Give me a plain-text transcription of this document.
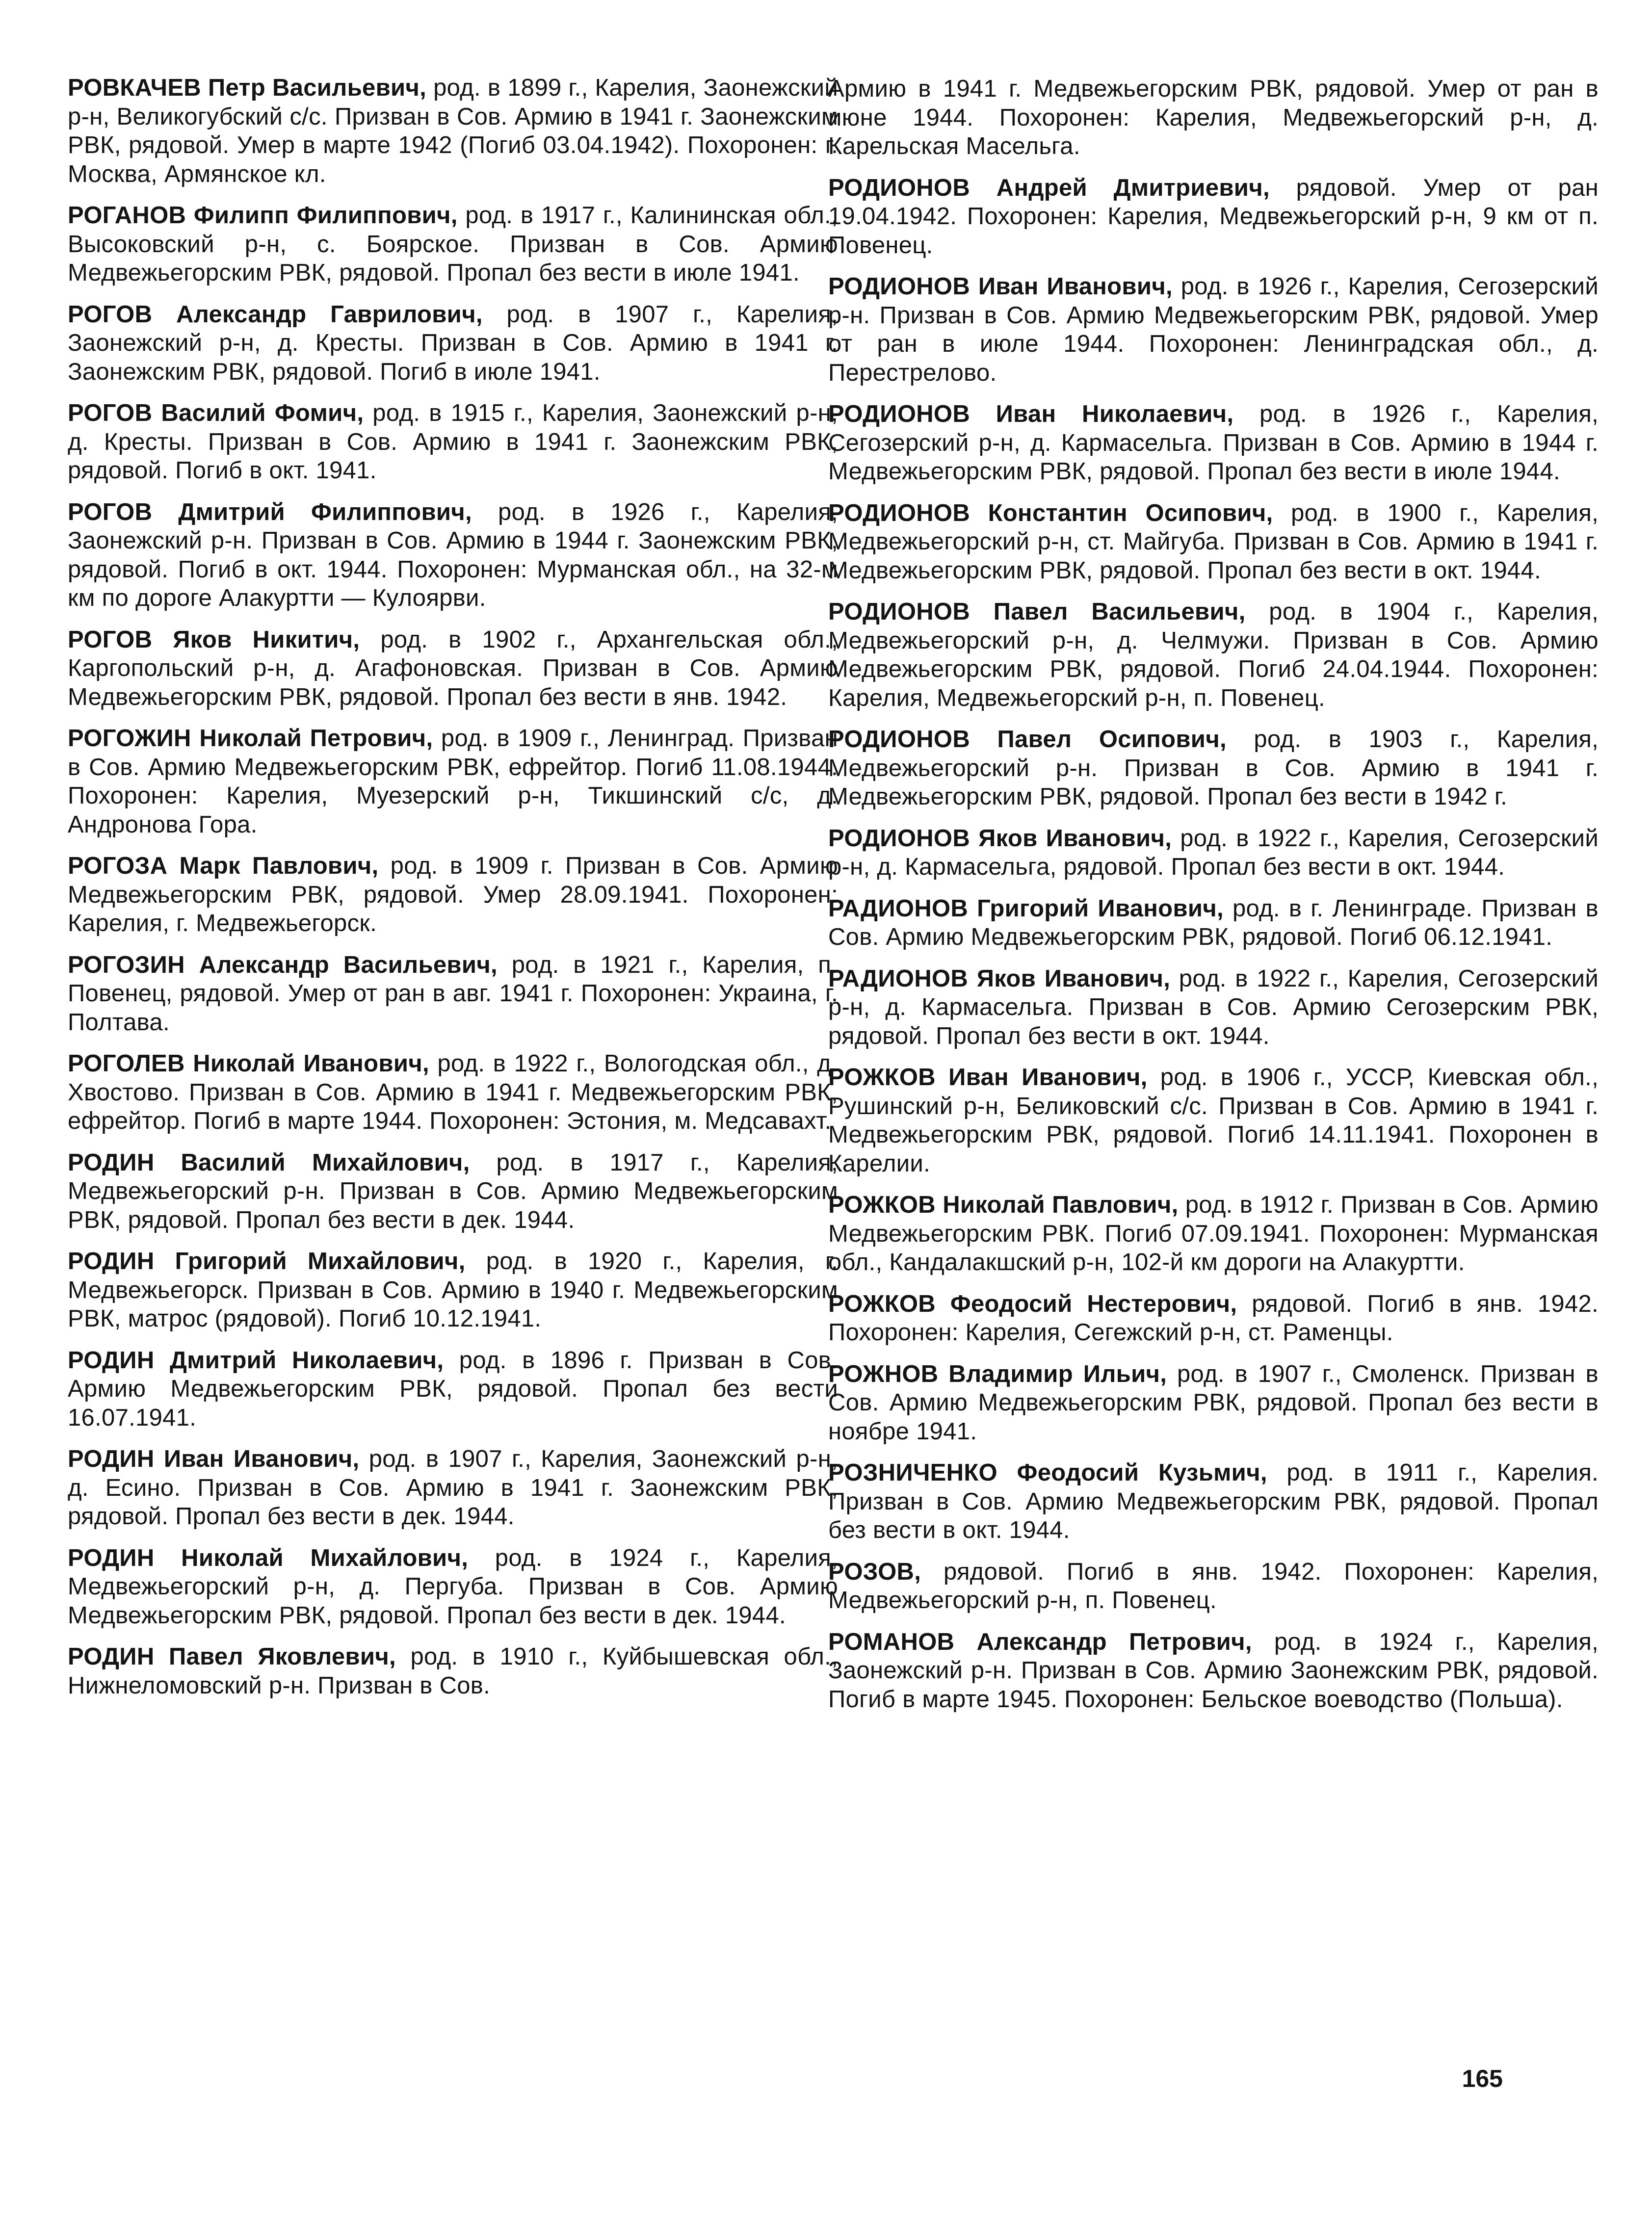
РОВКАЧЕВ Петр Васильевич, род. в 1899 г., Карелия, Заонежский р-н, Великогубский с/с. Призван в Сов. Армию в 1941 г. Заонежским РВК, рядовой. Умер в марте 1942 (Погиб 03.04.1942). Похоронен: г. Москва, Армянское кл.

РОГАНОВ Филипп Филиппович, род. в 1917 г., Калининская обл., Высоковский р-н, с. Боярское. Призван в Сов. Армию Медвежьегорским РВК, рядовой. Пропал без вести в июле 1941.

РОГОВ Александр Гаврилович, род. в 1907 г., Карелия, Заонежский р-н, д. Кресты. Призван в Сов. Армию в 1941 г. Заонежским РВК, рядовой. Погиб в июле 1941.

РОГОВ Василий Фомич, род. в 1915 г., Карелия, Заонежский р-н, д. Кресты. Призван в Сов. Армию в 1941 г. Заонежским РВК, рядовой. Погиб в окт. 1941.

РОГОВ Дмитрий Филиппович, род. в 1926 г., Карелия, Заонежский р-н. Призван в Сов. Армию в 1944 г. Заонежским РВК, рядовой. Погиб в окт. 1944. Похоронен: Мурманская обл., на 32-м км по дороге Алакуртти — Кулоярви.

РОГОВ Яков Никитич, род. в 1902 г., Архангельская обл., Каргопольский р-н, д. Агафоновская. Призван в Сов. Армию Медвежьегорским РВК, рядовой. Пропал без вести в янв. 1942.

РОГОЖИН Николай Петрович, род. в 1909 г., Ленинград. Призван в Сов. Армию Медвежьегорским РВК, ефрейтор. Погиб 11.08.1944. Похоронен: Карелия, Муезерский р-н, Тикшинский с/с, д. Андронова Гора.

РОГОЗА Марк Павлович, род. в 1909 г. Призван в Сов. Армию Медвежьегорским РВК, рядовой. Умер 28.09.1941. Похоронен: Карелия, г. Медвежьегорск.

РОГОЗИН Александр Васильевич, род. в 1921 г., Карелия, п. Повенец, рядовой. Умер от ран в авг. 1941 г. Похоронен: Украина, г. Полтава.

РОГОЛЕВ Николай Иванович, род. в 1922 г., Вологодская обл., д. Хвостово. Призван в Сов. Армию в 1941 г. Медвежьегорским РВК, ефрейтор. Погиб в марте 1944. Похоронен: Эстония, м. Медсавахт.

РОДИН Василий Михайлович, род. в 1917 г., Карелия, Медвежьегорский р-н. Призван в Сов. Армию Медвежьегорским РВК, рядовой. Пропал без вести в дек. 1944.

РОДИН Григорий Михайлович, род. в 1920 г., Карелия, г. Медвежьегорск. Призван в Сов. Армию в 1940 г. Медвежьегорским РВК, матрос (рядовой). Погиб 10.12.1941.

РОДИН Дмитрий Николаевич, род. в 1896 г. Призван в Сов. Армию Медвежьегорским РВК, рядовой. Пропал без вести 16.07.1941.

РОДИН Иван Иванович, род. в 1907 г., Карелия, Заонежский р-н, д. Есино. Призван в Сов. Армию в 1941 г. Заонежским РВК, рядовой. Пропал без вести в дек. 1944.

РОДИН Николай Михайлович, род. в 1924 г., Карелия, Медвежьегорский р-н, д. Пергуба. Призван в Сов. Армию Медвежьегорским РВК, рядовой. Пропал без вести в дек. 1944.

РОДИН Павел Яковлевич, род. в 1910 г., Куйбышевская обл., Нижнеломовский р-н. Призван в Сов.

Армию в 1941 г. Медвежьегорским РВК, рядовой. Умер от ран в июне 1944. Похоронен: Карелия, Медвежьегорский р-н, д. Карельская Масельга.

РОДИОНОВ Андрей Дмитриевич, рядовой. Умер от ран 19.04.1942. Похоронен: Карелия, Медвежьегорский р-н, 9 км от п. Повенец.

РОДИОНОВ Иван Иванович, род. в 1926 г., Карелия, Сегозерский р-н. Призван в Сов. Армию Медвежьегорским РВК, рядовой. Умер от ран в июле 1944. Похоронен: Ленинградская обл., д. Перестрелово.

РОДИОНОВ Иван Николаевич, род. в 1926 г., Карелия, Сегозерский р-н, д. Кармасельга. Призван в Сов. Армию в 1944 г. Медвежьегорским РВК, рядовой. Пропал без вести в июле 1944.

РОДИОНОВ Константин Осипович, род. в 1900 г., Карелия, Медвежьегорский р-н, ст. Майгуба. Призван в Сов. Армию в 1941 г. Медвежьегорским РВК, рядовой. Пропал без вести в окт. 1944.

РОДИОНОВ Павел Васильевич, род. в 1904 г., Карелия, Медвежьегорский р-н, д. Челмужи. Призван в Сов. Армию Медвежьегорским РВК, рядовой. Погиб 24.04.1944. Похоронен: Карелия, Медвежьегорский р-н, п. Повенец.

РОДИОНОВ Павел Осипович, род. в 1903 г., Карелия, Медвежьегорский р-н. Призван в Сов. Армию в 1941 г. Медвежьегорским РВК, рядовой. Пропал без вести в 1942 г.

РОДИОНОВ Яков Иванович, род. в 1922 г., Карелия, Сегозерский р-н, д. Кармасельга, рядовой. Пропал без вести в окт. 1944.

РАДИОНОВ Григорий Иванович, род. в г. Ленинграде. Призван в Сов. Армию Медвежьегорским РВК, рядовой. Погиб 06.12.1941.

РАДИОНОВ Яков Иванович, род. в 1922 г., Карелия, Сегозерский р-н, д. Кармасельга. Призван в Сов. Армию Сегозерским РВК, рядовой. Пропал без вести в окт. 1944.

РОЖКОВ Иван Иванович, род. в 1906 г., УССР, Киевская обл., Рушинский р-н, Беликовский с/с. Призван в Сов. Армию в 1941 г. Медвежьегорским РВК, рядовой. Погиб 14.11.1941. Похоронен в Карелии.

РОЖКОВ Николай Павлович, род. в 1912 г. Призван в Сов. Армию Медвежьегорским РВК. Погиб 07.09.1941. Похоронен: Мурманская обл., Кандалакшский р-н, 102-й км дороги на Алакуртти.

РОЖКОВ Феодосий Нестерович, рядовой. Погиб в янв. 1942. Похоронен: Карелия, Сегежский р-н, ст. Раменцы.

РОЖНОВ Владимир Ильич, род. в 1907 г., Смоленск. Призван в Сов. Армию Медвежьегорским РВК, рядовой. Пропал без вести в ноябре 1941.

РОЗНИЧЕНКО Феодосий Кузьмич, род. в 1911 г., Карелия. Призван в Сов. Армию Медвежьегорским РВК, рядовой. Пропал без вести в окт. 1944.

РОЗОВ, рядовой. Погиб в янв. 1942. Похоронен: Карелия, Медвежьегорский р-н, п. Повенец.

РОМАНОВ Александр Петрович, род. в 1924 г., Карелия, Заонежский р-н. Призван в Сов. Армию Заонежским РВК, рядовой. Погиб в марте 1945. Похоронен: Бельское воеводство (Польша).

165
